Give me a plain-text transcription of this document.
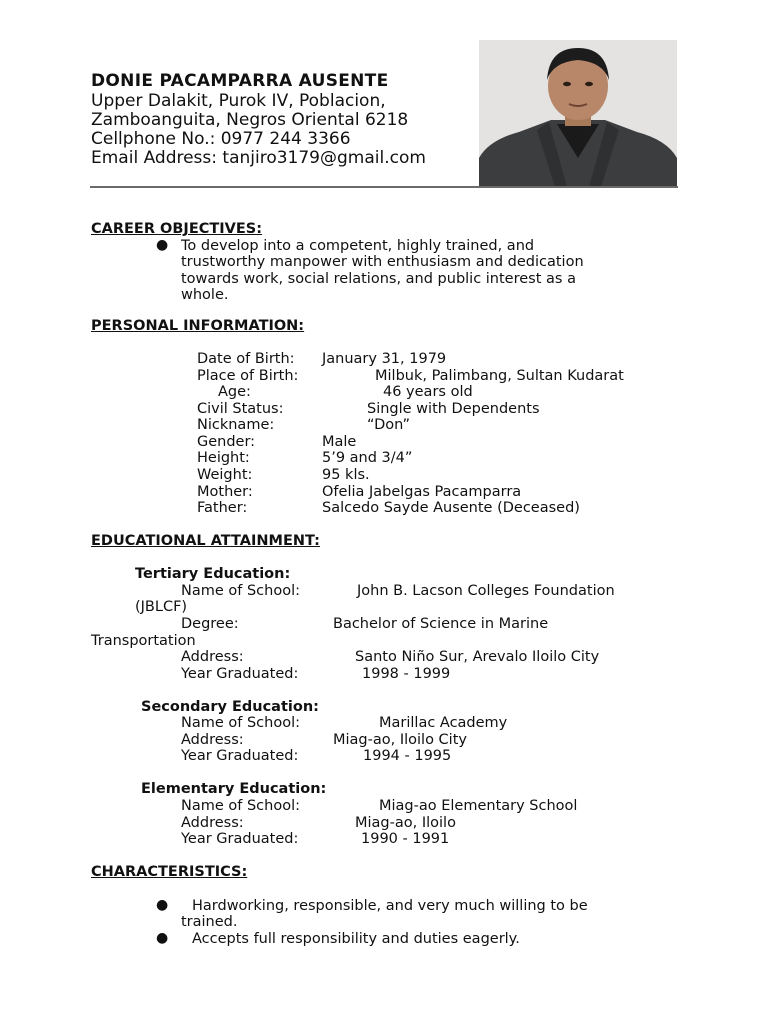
DONIE PACAMPARRA AUSENTE
Upper Dalakit, Purok IV, Poblacion,
Zamboanguita, Negros Oriental 6218
Cellphone No.: 0977 244 3366
Email Address: tanjiro3179@gmail.com
CAREER OBJECTIVES:
● To develop into a competent, highly trained, and
trustworthy manpower with enthusiasm and dedication
towards work, social relations, and public interest as a
whole.
PERSONAL INFORMATION:
Date of Birth: January 31, 1979
Place of Birth:	Milbuk, Palimbang, Sultan Kudarat
Age:	46 years old
Civil Status:	Single with Dependents
Nickname:	“Don”
Gender:	Male
Height:	5’9 and 3/4”
Weight:	95 kls.
Mother:	Ofelia Jabelgas Pacamparra
Father:	Salcedo Sayde Ausente (Deceased)
EDUCATIONAL ATTAINMENT:
Tertiary Education:
Name of School:	John B. Lacson Colleges Foundation
(JBLCF)
Degree:	Bachelor of Science in Marine
Transportation
Address:	Santo Niño Sur, Arevalo Iloilo City
Year Graduated:	1998 - 1999
Secondary Education:
Name of School:	Marillac Academy
Address:	Miag-ao, Iloilo City
Year Graduated:	1994 - 1995
Elementary Education:
Name of School:	Miag-ao Elementary School
Address:	Miag-ao, Iloilo
Year Graduated:	1990 - 1991
CHARACTERISTICS:
● Hardworking, responsible, and very much willing to be
trained.
● Accepts full responsibility and duties eagerly.
